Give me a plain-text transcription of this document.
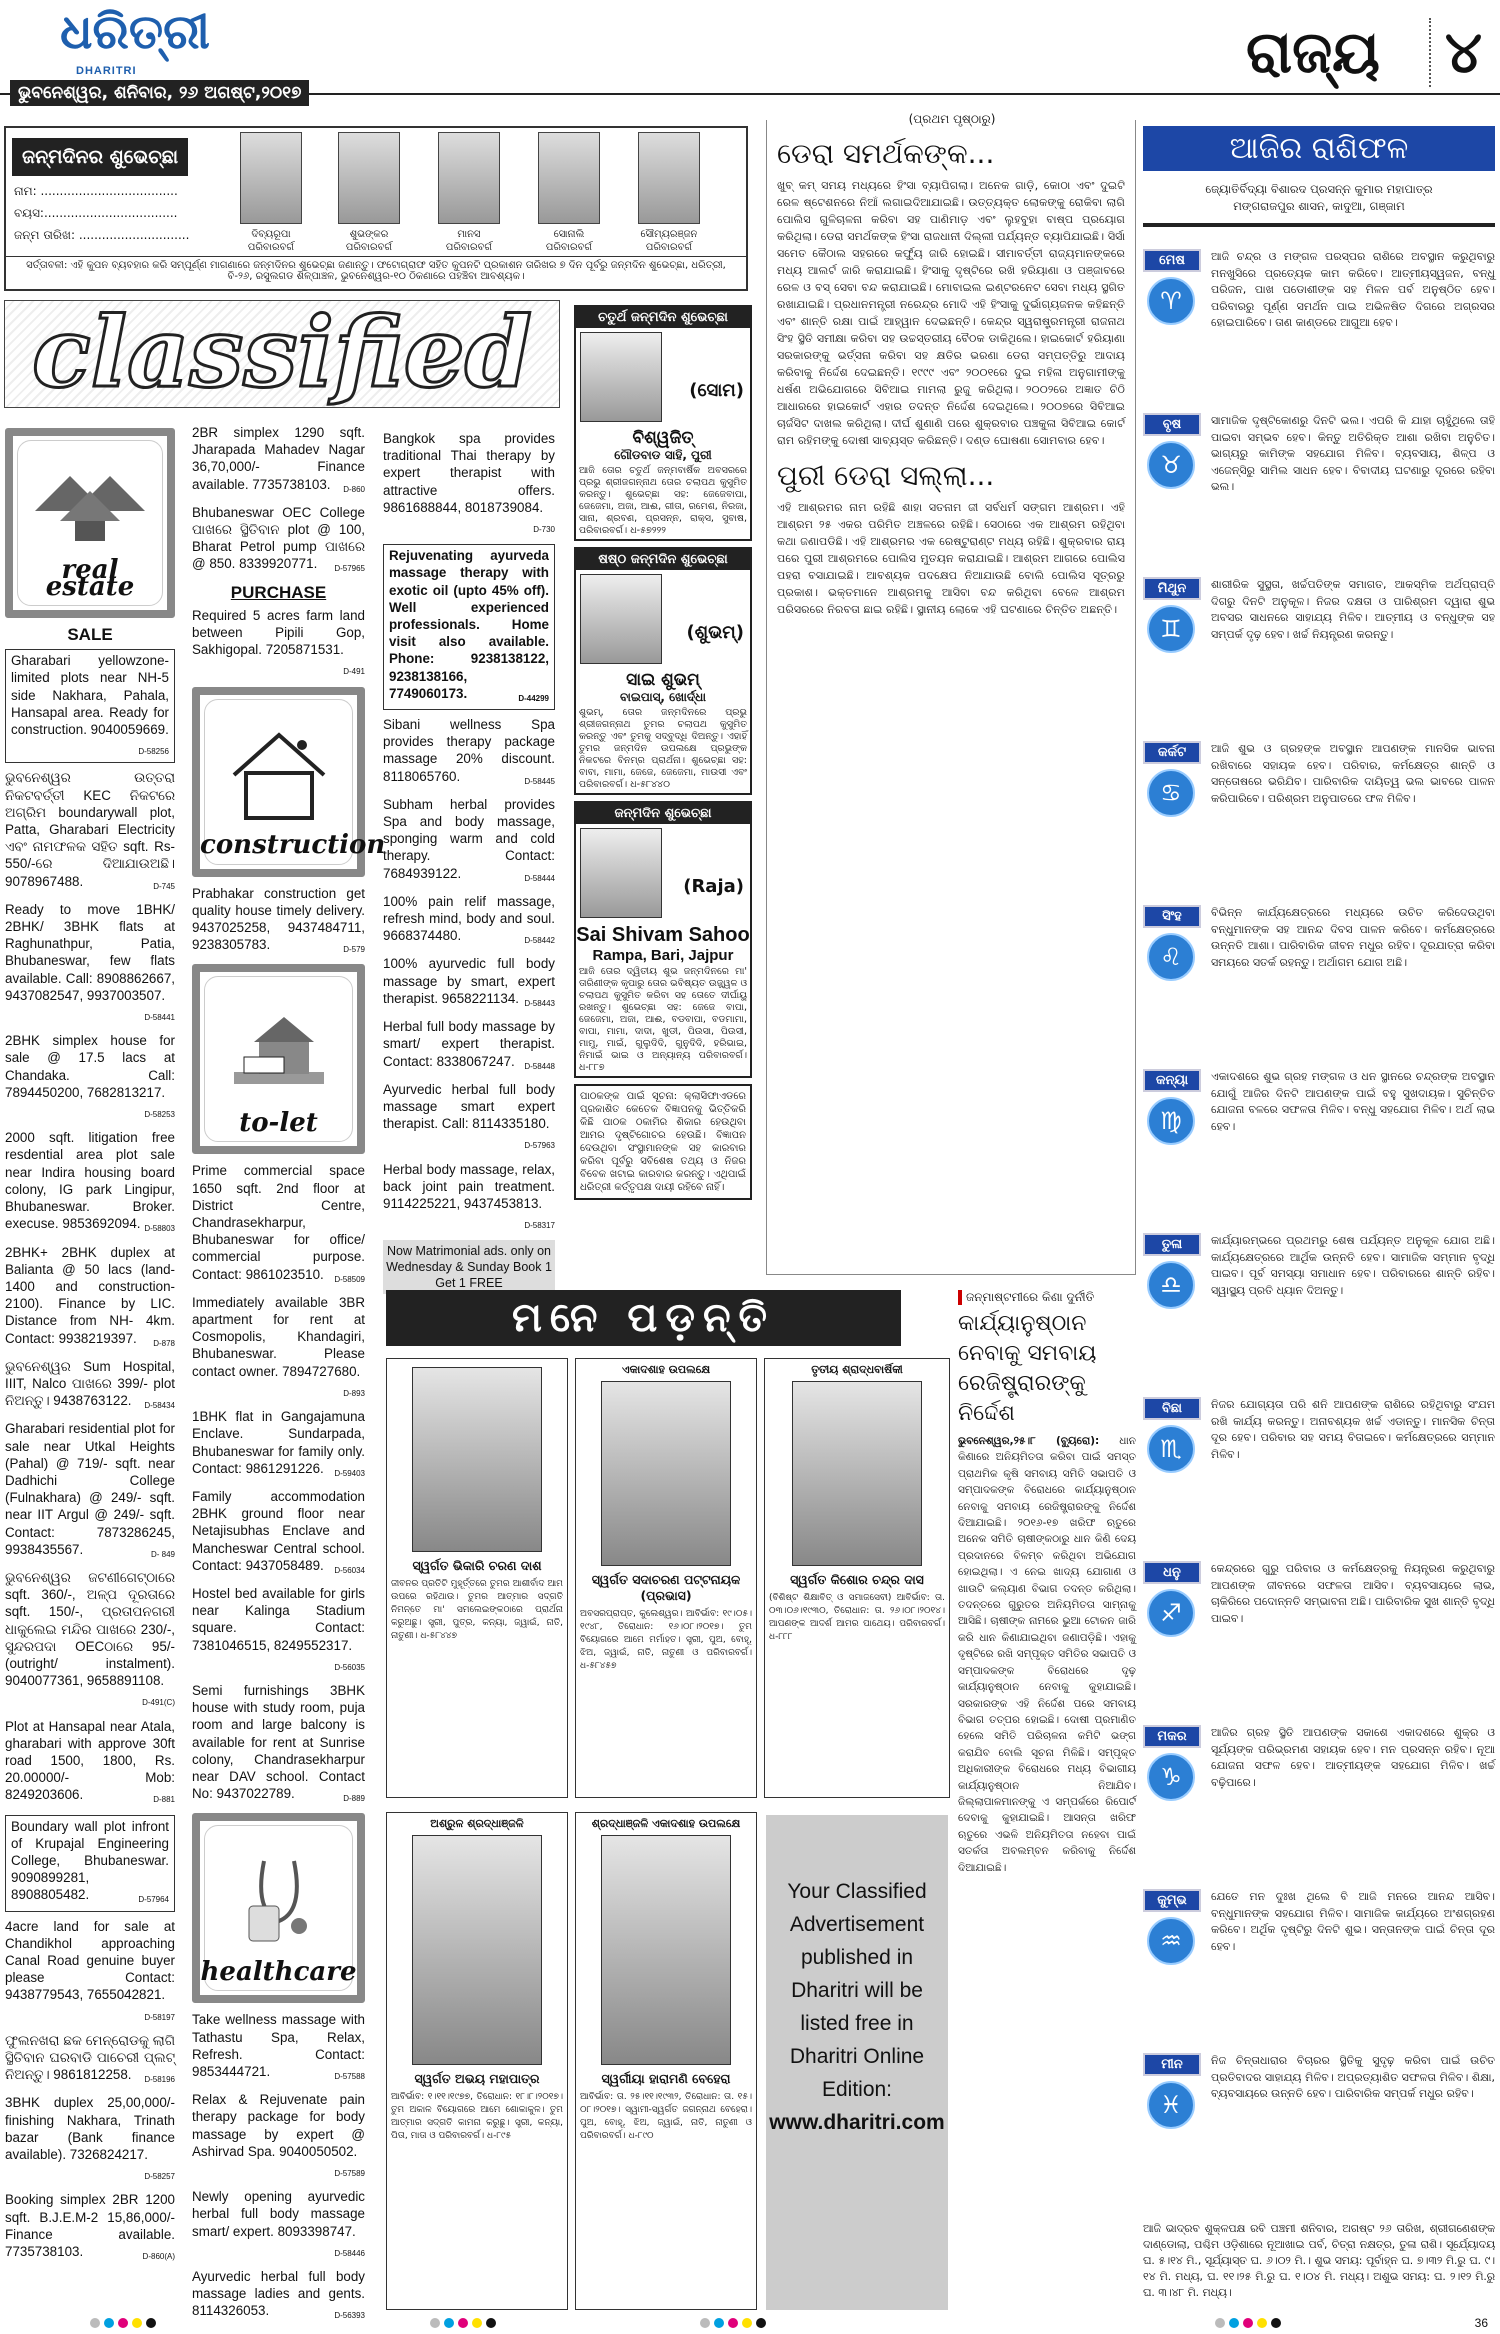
ଧରିତ୍ରୀ
DHARITRI
ଭୁବନେଶ୍ୱର, ଶନିବାର, ୨୬ ଅଗଷ୍ଟ,୨୦୧୭
ରାଜ୍ୟ ୪
ଜନ୍ମଦିନର ଶୁଭେଚ୍ଛା
ନାମ: ....................................
ବୟସ:...................................
ଜନ୍ମ ତାରିଖ: .............................	ଦିବ୍ୟରୂପା
ପରିବାରବର୍ଗ
ଶୁଭଙ୍କର
ପରିବାରବର୍ଗ
ମାନସ
ପରିବାରବର୍ଗ
ସୋନାଲି
ପରିବାରବର୍ଗ
ସୌମ୍ୟରଞ୍ଜନ
ପରିବାରବର୍ଗ
ସର୍ତ୍ତାବଳୀ: ଏହି କୁପନ ବ୍ୟବହାର କରି ସମ୍ପୂର୍ଣ୍ଣ ମାଗଣାରେ ଜନ୍ମଦିନର ଶୁଭେଚ୍ଛା ଜଣାନ୍ତୁ। ଫଟୋଗ୍ରାଫ ସହିତ କୁପନଟି ପ୍ରକାଶନ ତାରିଖର ୭ ଦିନ ପୂର୍ବରୁ ଜନ୍ମଦିନ ଶୁଭେଚ୍ଛା, ଧରିତ୍ରୀ, ବି-୨୬, ରସୁଲଗଡ ଶିଳ୍ପାଞ୍ଚଳ, ଭୁବନେଶ୍ୱର-୧୦ ଠିକଣାରେ ପହଞ୍ଚିବା ଆବଶ୍ୟକ।
classified
real estate
SALE
Gharabari yellowzone-limited plots near NH-5 side Nakhara, Pahala, Hansapal area. Ready for construction. 9040059669.
D-58256
ଭୁବନେଶ୍ୱର ଉତ୍ତରା ନିକଟବର୍ତ୍ତୀ KEC ନିକଟରେ ଅଗ୍ରିମ boundarywall plot, Patta, Gharabari Electricity ଏବଂ ନାମଫଳକ ସହିତ sqft. Rs-550/-ରେ ଦିଆଯାଉଅଛି। 9078967488.	D-745
Ready to move 1BHK/ 2BHK/ 3BHK flats at Raghunathpur, Patia, Bhubaneswar, few flats available. Call: 8908862667, 9437082547, 9937003507.
D-58441
2BHK simplex house for sale @ 17.5 lacs at Chandaka. Call: 7894450200, 7682813217.
D-58253
2000 sqft. litigation free resdential area plot sale near Indira housing board colony, IG park Lingipur, Bhubaneswar. Broker. execuse. 9853692094. D-58803
2BHK+ 2BHK duplex at Balianta @ 50 lacs (land-1400 and construction-2100). Finance by LIC. Distance from NH- 4km. Contact: 9938219397. D-878
ଭୁବନେଶ୍ୱର Sum Hospital, IIIT, Nalco ପାଖରେ 399/- plot ନିଅନ୍ତୁ। 9438763122. D-58434
Gharabari residential plot for sale near Utkal Heights (Pahal) @ 719/- sqft. near Dadhichi College (Fulnakhara) @ 249/- sqft. near IIT Argul @ 249/- sqft. Contact: 7873286245, 9938435567.	D- 849
ଭୁବନେଶ୍ୱର ଜଟଣୀଗେଟ୍‌ଠାରେ sqft. 360/-, ଅଳ୍ପ ଦୂରତାରେ sqft. 150/-, ପ୍ରତାପନଗରୀ ଧାକୁଲେଇ ମନ୍ଦିର ପାଖରେ 230/-, ସୁନ୍ଦରପଦା OECଠାରେ 95/- (outright/ instalment). 9040077361, 9658891108.
D-491(C)
Plot at Hansapal near Atala, gharabari with approve 30ft road 1500, 1800, Rs. 20.00000/- Mob: 8249203606.	D-881
Boundary wall plot infront of Krupajal Engineering College, Bhubaneswar. 9090899281, 8908805482.	D-57964
4acre land for sale at Chandikhol approaching Canal Road genuine buyer please Contact: 9438779543, 7655042821.
D-58197
ଫୁଲନଖରା ଛକ ମେନ୍‌ରୋଡକୁ ଲାଗି ସ୍ଥିତିବାନ ଘରବାଡି ପାଚେରୀ ପ୍ଲଟ୍ ନିଅନ୍ତୁ। 9861812258. D-58196
3BHK duplex 25,00,000/- finishing Nakhara, Trinath bazar (Bank finance available). 7326824217.
D-58257
Booking simplex 2BR 1200 sqft. B.J.E.M-2 15,86,000/- Finance available. 7735738103.	D-860(A)
2BR simplex 1290 sqft. Jharapada Mahadev Nagar 36,70,000/- Finance available. 7735738103. D-860
Bhubaneswar OEC College ପାଖରେ ସ୍ଥିତିବାନ plot @ 100, Bharat Petrol pump ପାଖରେ @ 850. 8339920771. D-57965
PURCHASE
Required 5 acres farm land between Pipili Gop, Sakhigopal. 7205871531.
D-491
construction
Prabhakar construction get quality house timely delivery. 9437025258, 9437484711, 9238305783.	D-579
to-let
Prime commercial space 1650 sqft. 2nd floor at District Centre, Chandrasekharpur, Bhubaneswar for office/ commercial purpose. Contact: 9861023510. D-58509
Immediately available 3BR apartment for rent at Cosmopolis, Khandagiri, Bhubaneswar. Please contact owner. 7894727680.
D-893
1BHK flat in Gangajamuna Enclave. Sundarpada, Bhubaneswar for family only. Contact: 9861291226. D-59403
Family accommodation 2BHK ground floor near Netajisubhas Enclave and Mancheswar Central school. Contact: 9437058489. D-56034
Hostel bed available for girls near Kalinga Stadium square. Contact: 7381046515, 8249552317.
D-56035
Semi furnishings 3BHK house with study room, puja room and large balcony is available for rent at Sunrise colony, Chandrasekharpur near DAV school. Contact No: 9437022789.	D-889
healthcare
Take wellness massage with Tathastu Spa, Relax, Refresh. Contact: 9853444721.	D-57588
Relax & Rejuvenate pain therapy package for body massage by expert @ Ashirvad Spa. 9040050502.
D-57589
Newly opening ayurvedic herbal full body massage smart/ expert. 8093398747.
D-58446
Ayurvedic herbal full body massage ladies and gents. 8114326053.	D-56393
Bangkok spa provides traditional Thai therapy by expert therapist with attractive offers. 9861688844, 8018739084.
D-730
Rejuvenating ayurveda massage therapy with exotic oil (upto 45% off). Well experienced professionals. Home visit also available. Phone: 9238138122, 9238138166, 7749060173.	D-44299
Sibani wellness Spa provides therapy package massage 20% discount. 8118065760.	D-58445
Subham herbal provides Spa and body massage, sponging warm and cold therapy. Contact: 7684939122.	D-58444
100% pain relif massage, refresh mind, body and soul. 9668374480.	D-58442
100% ayurvedic full body massage by smart, expert therapist. 9658221134. D-58443
Herbal full body massage by smart/ expert therapist. Contact: 8338067247. D-58448
Ayurvedic herbal full body massage smart expert therapist. Call: 8114335180.
D-57963
Herbal body massage, relax, back joint pain treatment. 9114225221, 9437453813.
D-58317
Now Matrimonial ads. only on Wednesday & Sunday Book 1 Get 1 FREE
ଚତୁର୍ଥ ଜନ୍ମଦିନ ଶୁଭେଚ୍ଛା
(ସୋମ)
ବିଶ୍ୱଜିତ୍
ଗୌଡବାଡ ସାହି, ପୁରୀ
ଆଜି ତୋର ଚତୁର୍ଥ ଜନ୍ମବାର୍ଷିକ ଅବସରରେ ପ୍ରଭୁ ଶ୍ରୀଜଗନ୍ନାଥ ତୋର ଚଲାପଥ କୁସୁମିତ କରନ୍ତୁ। ଶୁଭେଚ୍ଛା ସହ: ଜେଜେବାପା, ଜେଜେମା, ଅଜା, ଆଈ, ଗୀତା, ରମେଶ, ନିରଜା, ସାନା, ଶ୍ରବଣ, ପ୍ରସନ୍ନ, ରାକ୍ସ, ସୁବାଷ, ପରିବାରବର୍ଗ। ଧ-୫୭୨୨୨
ଷଷ୍ଠ ଜନ୍ମଦିନ ଶୁଭେଚ୍ଛା
(ଶୁଭମ୍)
ସାଇ ଶୁଭମ୍
ବାଇପାସ୍, ଖୋର୍ଦ୍ଧା
ଶୁଭମ୍, ତୋର ଜନ୍ମଦିନରେ ପ୍ରଭୁ ଶ୍ରୀଜଗନ୍ନାଥ ତୁମର ଚଲାପଥ କୁସୁମିତ କରନ୍ତୁ ଏବଂ ତୁମକୁ ସଦ୍‌ବୁଦ୍ଧି ଦିଅନ୍ତୁ। ଏହାହିଁ ତୁମର ଜନ୍ମଦିନ ଉପଲକ୍ଷେ ପ୍ରଭୁଙ୍କ ନିକଟରେ ବିନମ୍ର ପ୍ରାର୍ଥନା। ଶୁଭେଚ୍ଛା ସହ: ବାବା, ମାମା, ଜେଜେ, ଜେଜେମା, ମାଉସୀ ଏବଂ ପରିବାରବର୍ଗ। ଧ-୫୮୪୪୦
ଜନ୍ମଦିନ ଶୁଭେଚ୍ଛା
(Raja)
Sai Shivam Sahoo
Rampa, Bari, Jajpur
ଆଜି ତୋର ଦ୍ୱିତୀୟ ଶୁଭ ଜନ୍ମଦିନରେ ମା' ତାରିଣୀଙ୍କ କୃପାରୁ ତୋର ଭବିଷ୍ୟତ ଉଜ୍ଜ୍ୱଳ ଓ ଚଲାପଥ କୁସୁମିତ କରିବା ସହ ତୋତେ ଦୀର୍ଘାୟୁ ରଖନ୍ତୁ। ଶୁଭେଚ୍ଛା ସହ: ଜେଜେ ବାପା, ଜେଜେମା, ଅଜା, ଆଈ, ବଡବାପା, ବଡମାମା, ବାପା, ମାମା, ଦାଦା, ଖୁଡୀ, ପିଉସା, ପିଉସୀ, ମାମୁ, ମାଇଁ, ଗୁଲୁଦିଦି, ଗୁନୁଦିଦି, ହରିଭାଇ, ନିମାଇଁ ଭାଇ ଓ ଅନ୍ୟାନ୍ୟ ପରିବାରବର୍ଗ। ଧ-୮୮୭
ପାଠକଙ୍କ ପାଇଁ ସୂଚନା: କ୍ଲାସିଫାଏଡରେ ପ୍ରକାଶିତ କେତେକ ବିଜ୍ଞାପନକୁ ଭିତ୍ତିକରି କିଛି ପାଠକ ଠକାମିର ଶିକାର ହେଉଥିବା ଆମର ଦୃଷ୍ଟିଗୋଚର ହେଉଛି। ବିଜ୍ଞାପନ ଦେଉଥିବା ସଂସ୍ଥାମାନଙ୍କ ସହ କାରବାର କରିବା ପୂର୍ବରୁ ସବିଶେଷ ତଥ୍ୟ ଓ ନିଜର ବିବେକ ଖଟାଇ କାରବାର କରନ୍ତୁ। ଏଥିପାଇଁ ଧରିତ୍ରୀ କର୍ତ୍ତୃପକ୍ଷ ଦାୟୀ ରହିବେ ନାହିଁ।
(ପ୍ରଥମ ପୃଷ୍ଠାରୁ)
ଡେରା ସମର୍ଥକଙ୍କ...

ଖୁବ୍ କମ୍ ସମୟ ମଧ୍ୟରେ ହିଂସା ବ୍ୟାପିଗଲା। ଅନେକ ଗାଡ଼ି, କୋଠା ଏବଂ ଦୁଇଟି ରେଳ ଷ୍ଟେଶନରେ ନିଆଁ ଲଗାଇଦିଆଯାଇଛି। ଉତ୍ତ୍ୟକ୍ତ ଲୋକଙ୍କୁ ରୋକିବା ଲାଗି ପୋଲିସ ଗୁଳିଚାଳନା କରିବା ସହ ପାଣିମାଡ଼ ଏବଂ ଲୁହବୁହା ବାଷ୍ପ ପ୍ରୟୋଗ କରିଥିଲା। ଡେରା ସମର୍ଥକଙ୍କ ହିଂସା ରାଜଧାନୀ ଦିଲ୍ଲୀ ପର୍ଯ୍ୟନ୍ତ ବ୍ୟାପିଯାଇଛି। ସିର୍ସା ସମେତ କୈଠାଲ ସହରରେ କର୍ଫ୍ୟୁ ଜାରି ହୋଇଛି। ସୀମାବର୍ତ୍ତୀ ରାଜ୍ୟମାନଙ୍କରେ ମଧ୍ୟ ଆଲର୍ଟ ଜାରି କରାଯାଇଛି। ହିଂସାକୁ ଦୃଷ୍ଟିରେ ରଖି ହରିୟାଣା ଓ ପଞ୍ଜାବରେ ରେଳ ଓ ବସ୍ ସେବା ବନ୍ଦ କରାଯାଇଛି। ମୋବାଇଲ ଇଣ୍ଟରନେଟ ସେବା ମଧ୍ୟ ସ୍ଥଗିତ ରଖାଯାଇଛି। ପ୍ରଧାନମନ୍ତ୍ରୀ ନରେନ୍ଦ୍ର ମୋଦି ଏହି ହିଂସାକୁ ଦୁର୍ଭାଗ୍ୟଜନକ କହିଛନ୍ତି ଏବଂ ଶାନ୍ତି ରକ୍ଷା ପାଇଁ ଆହ୍ୱାନ ଦେଇଛନ୍ତି। କେନ୍ଦ୍ର ସ୍ୱରାଷ୍ଟ୍ରମନ୍ତ୍ରୀ ରାଜନାଥ ସିଂହ ସ୍ଥିତି ସମୀକ୍ଷା କରିବା ସହ ଉଚ୍ଚସ୍ତରୀୟ ବୈଠକ ଡାକିଥିଲେ। ହାଇକୋର୍ଟ ହରିୟାଣା ସରକାରଙ୍କୁ ଭର୍ତ୍ସନା କରିବା ସହ କ୍ଷତିର ଭରଣା ଡେରା ସମ୍ପତ୍ତିରୁ ଆଦାୟ କରିବାକୁ ନିର୍ଦ୍ଦେଶ ଦେଇଛନ୍ତି। ୧୯୯୯ ଏବଂ ୨୦୦୧ରେ ଦୁଇ ମହିଳା ଅନୁଗାମୀଙ୍କୁ ଧର୍ଷଣ ଅଭିଯୋଗରେ ସିବିଆଇ ମାମଲା ରୁଜୁ କରିଥିଲା। ୨୦୦୨ରେ ଅଜ୍ଞାତ ଚିଠି ଆଧାରରେ ହାଇକୋର୍ଟ ଏହାର ତଦନ୍ତ ନିର୍ଦ୍ଦେଶ ଦେଇଥିଲେ। ୨୦୦୭ରେ ସିବିଆଇ ଚାର୍ଜସିଟ ଦାଖଲ କରିଥିଲା। ଦୀର୍ଘ ଶୁଣାଣି ପରେ ଶୁକ୍ରବାର ପଞ୍ଚକୁଳା ସିବିଆଇ କୋର୍ଟ ରାମ ରହିମଙ୍କୁ ଦୋଷୀ ସାବ୍ୟସ୍ତ କରିଛନ୍ତି। ଦଣ୍ଡ ଘୋଷଣା ସୋମବାର ହେବ।

ପୁରୀ ଡେରା ସଲ୍ଲା...

ଏହି ଆଶ୍ରମର ନାମ ରହିଛି ଶାହା ସତନାମ ଜୀ ସର୍ବଧର୍ମ ସଙ୍ଗମ ଆଶ୍ରମ। ଏହି ଆଶ୍ରମ ୨୫ ଏକର ପରିମିତ ଅଞ୍ଚଳରେ ରହିଛି। ସେଠାରେ ଏକ ଆଶ୍ରମ ରହିଥିବା କଥା ଜଣାପଡିଛି। ଏହି ଆଶ୍ରମର ଏକ ରେଷ୍ଟୁରାଣ୍ଟ ମଧ୍ୟ ରହିଛି। ଶୁକ୍ରବାର ରାୟ ପରେ ପୁରୀ ଆଶ୍ରମରେ ପୋଲିସ ମୁତୟନ କରାଯାଇଛି। ଆଶ୍ରମ ଆଗରେ ପୋଲିସ ପହରା ବସାଯାଇଛି। ଆବଶ୍ୟକ ପଦକ୍ଷେପ ନିଆଯାଉଛି ବୋଲି ପୋଲିସ ସୂତ୍ରରୁ ପ୍ରକାଶ। ଭକ୍ତମାନେ ଆଶ୍ରମକୁ ଆସିବା ବନ୍ଦ କରିଥିବା ବେଳେ ଆଶ୍ରମ ପରିସରରେ ନିରବତା ଛାଇ ରହିଛି। ସ୍ଥାନୀୟ ଲୋକେ ଏହି ଘଟଣାରେ ଚିନ୍ତିତ ଅଛନ୍ତି।

ମନେ ପଡ଼ନ୍ତି
ସ୍ୱର୍ଗତ ଭିକାରି ଚରଣ ଦାଶ
ଜୀବନର ପ୍ରତିଟି ମୁହୂର୍ତ୍ତରେ ତୁମର ଆଶୀର୍ବାଦ ଆମ ଉପରେ ରହିଥାଉ। ତୁମର ଆତ୍ମାର ସଦ୍‌ଗତି ନିମନ୍ତେ ମା' ସମଲେଇଙ୍କଠାରେ ପ୍ରାର୍ଥନା କରୁଅଛୁ। ସ୍ତ୍ରୀ, ପୁତ୍ର, କନ୍ୟା, ଜ୍ୱାଇଁ, ନାତି, ନାତୁଣୀ। ଧ-୫୮୪୪୭
ଏକାଦଶାହ ଉପଲକ୍ଷେ
ସ୍ୱର୍ଗତ ସଦାଚରଣ ପଟ୍ଟନାୟକ (ପ୍ରଭାସ)
ଅବସରପ୍ରାପ୍ତ, କୁଲେଶ୍ୱର। ଆବିର୍ଭାବ: ୧୯।୦୫।୧୯୪୮, ତିରୋଧାନ: ୧୬।୦୮।୨୦୧୭। ତୁମ ବିୟୋଗରେ ଆମେ ମର୍ମାହତ। ସ୍ତ୍ରୀ, ପୁଅ, ବୋହୂ, ଝିଅ, ଜ୍ୱାଇଁ, ନାତି, ନାତୁଣୀ ଓ ପରିବାରବର୍ଗ। ଧ-୫୮୪୫୭
ତୃତୀୟ ଶ୍ରାଦ୍ଧବାର୍ଷିକୀ
ସ୍ୱର୍ଗତ କିଶୋର ଚନ୍ଦ୍ର ଦାସ
(ବିଶିଷ୍ଟ ଶିକ୍ଷାବିତ୍ ଓ ସମାଜସେବୀ) ଆବିର୍ଭାବ: ତା. ୦୩।୦୬।୧୯୩୦, ତିରୋଧାନ: ତା. ୨୬।୦୮।୨୦୧୪। ଆପଣଙ୍କ ଆଦର୍ଶ ଆମର ପାଥେୟ। ପରିବାରବର୍ଗ। ଧ-୮୮୮
ଅଶ୍ରୁଳ ଶ୍ରଦ୍ଧାଞ୍ଜଳି
ସ୍ୱର୍ଗତ ଅଭୟ ମହାପାତ୍ର
ଆବିର୍ଭାବ: ୧।୧୧।୧୯୭୭, ତିରୋଧାନ: ୧୮।୮।୨୦୧୭। ତୁମ ଅକାଳ ବିୟୋଗରେ ଆମେ ଶୋକାକୁଳ। ତୁମ ଆତ୍ମାର ସଦ୍‌ଗତି କାମନା କରୁଛୁ। ସ୍ତ୍ରୀ, କନ୍ୟା, ପିତା, ମାତା ଓ ପରିବାରବର୍ଗ। ଧ-୮୯୫
ଶ୍ରଦ୍ଧାଞ୍ଜଳି ଏକାଦଶାହ ଉପଲକ୍ଷେ
ସ୍ୱର୍ଗୀୟା ହାରାମଣି ବେହେରା
ଆବିର୍ଭାବ: ତା. ୨୫।୧୧।୧୯୩୨, ତିରୋଧାନ: ତା. ୧୫।୦୮।୨୦୧୭। ସ୍ୱାମୀ-ସ୍ୱର୍ଗତ ଜଗନ୍ନାଥ ବେହେରା। ପୁଅ, ବୋହୂ, ଝିଅ, ଜ୍ୱାଇଁ, ନାତି, ନାତୁଣୀ ଓ ପରିବାରବର୍ଗ। ଧ-୮୯୦
Your Classified Advertisement published in Dharitri will be listed free in Dharitri Online Edition:
www.dharitri.com
ଜନ୍ମାଷ୍ଟମୀରେ କିଣା ଦୁର୍ନୀତି
କାର୍ଯ୍ୟାନୁଷ୍ଠାନ ନେବାକୁ ସମବାୟ ରେଜିଷ୍ଟ୍ରାରଙ୍କୁ ନିର୍ଦ୍ଦେଶ

ଭୁବନେଶ୍ୱର,୨୫।୮ (ବ୍ୟୁରୋ): ଧାନ କିଣାରେ ଅନିୟମିତତା କରିବା ପାଇଁ ସମସ୍ତ ପ୍ରାଥମିକ କୃଷି ସମବାୟ ସମିତି ସଭାପତି ଓ ସମ୍ପାଦକଙ୍କ ବିରୋଧରେ କାର୍ଯ୍ୟାନୁଷ୍ଠାନ ନେବାକୁ ସମବାୟ ରେଜିଷ୍ଟ୍ରାରଙ୍କୁ ନିର୍ଦ୍ଦେଶ ଦିଆଯାଇଛି। ୨୦୧୬-୧୭ ଖରିଫ ଋତୁରେ ଅନେକ ସମିତି ଚାଷୀଙ୍କଠାରୁ ଧାନ କିଣି ଦେୟ ପ୍ରଦାନରେ ବିଳମ୍ବ କରିଥିବା ଅଭିଯୋଗ ହୋଇଥିଲା। ଏ ନେଇ ଖାଦ୍ୟ ଯୋଗାଣ ଓ ଖାଉଟି କଲ୍ୟାଣ ବିଭାଗ ତଦନ୍ତ କରିଥିଲା। ତଦନ୍ତରେ ଗୁରୁତର ଅନିୟମିତତା ସାମ୍ନାକୁ ଆସିଛି। ଚାଷୀଙ୍କ ନାମରେ ଭୁଆ ଟୋକନ ଜାରି କରି ଧାନ କିଣାଯାଇଥିବା ଜଣାପଡ଼ିଛି। ଏହାକୁ ଦୃଷ୍ଟିରେ ରଖି ସମ୍ପୃକ୍ତ ସମିତିର ସଭାପତି ଓ ସମ୍ପାଦକଙ୍କ ବିରୋଧରେ ଦୃଢ଼ କାର୍ଯ୍ୟାନୁଷ୍ଠାନ ନେବାକୁ କୁହାଯାଇଛି। ସରକାରଙ୍କ ଏହି ନିର୍ଦ୍ଦେଶ ପରେ ସମବାୟ ବିଭାଗ ତତ୍ପର ହୋଇଛି। ଦୋଷୀ ପ୍ରମାଣିତ ହେଲେ ସମିତି ପରିଚାଳନା କମିଟି ଭଙ୍ଗ କରାଯିବ ବୋଲି ସୂଚନା ମିଳିଛି। ସମ୍ପୃକ୍ତ ଅଧିକାରୀଙ୍କ ବିରୋଧରେ ମଧ୍ୟ ବିଭାଗୀୟ କାର୍ଯ୍ୟାନୁଷ୍ଠାନ ନିଆଯିବ। ଜିଲ୍ଲାପାଳମାନଙ୍କୁ ଏ ସମ୍ପର୍କରେ ରିପୋର୍ଟ ଦେବାକୁ କୁହାଯାଇଛି। ଆସନ୍ତା ଖରିଫ ଋତୁରେ ଏଭଳି ଅନିୟମିତତା ନହେବା ପାଇଁ ସତର୍କତା ଅବଲମ୍ବନ କରିବାକୁ ନିର୍ଦ୍ଦେଶ ଦିଆଯାଇଛି।

ଆଜିର ରାଶିଫଳ
ଜ୍ୟୋତିର୍ବିଦ୍ୟା ବିଶାରଦ ପ୍ରସନ୍ନ କୁମାର ମହାପାତ୍ର
ମଙ୍ଗରାଜପୁର ଶାସନ, କାଦୁଆ, ଗଞ୍ଜାମ
ମେଷ
♈
ଆଜି ଚନ୍ଦ୍ର ଓ ମଙ୍ଗଳ ପରସ୍ପର ରାଶିରେ ଅବସ୍ଥାନ କରୁଥିବାରୁ ମନଖୁସିରେ ପ୍ରତ୍ୟେକ କାମ କରିବେ। ଆତ୍ମୀୟସ୍ୱଜନ, ବନ୍ଧୁ ପରିଜନ, ପାଖ ପଡୋଶୀଙ୍କ ସହ ମିଳନ ପର୍ବ ଅନୁଷ୍ଠିତ ହେବ। ପରିବାରରୁ ପୂର୍ଣ୍ଣ ସମର୍ଥନ ପାଇ ଅଭିଳଷିତ ଦିଗରେ ଅଗ୍ରସର ହୋଇପାରିବେ। ତାଣ କାଣ୍ଡରେ ଆଗୁଆ ହେବ।
ବୃଷ
♉
ସାମାଜିକ ଦୃଷ୍ଟିକୋଣରୁ ଦିନଟି ଭଲ। ଏପରି କି ଯାହା ଚାହୁଁଥିଲେ ତାହି ପାଇବା ସମ୍ଭବ ହେବ। କିନ୍ତୁ ଅତିରିକ୍ତ ଆଶା ରଖିବା ଅନୁଚିତ। ଭାଗ୍ୟରୁ କାମିଙ୍କ ସହଯୋଗ ମିଳିବ। ବ୍ୟବସାୟ, ଶିଳ୍ପ ଓ ଏଜେନ୍ସିରୁ ସାମିଲ ସାଧନ ହେବ। ବିବାଦୀୟ ଘଟଣାରୁ ଦୂରରେ ରହିବା ଭଲ।
ମିଥୁନ
♊
ଶାରୀରିକ ସୁସ୍ଥତା, ଖର୍ଚ୍ଚପତିଙ୍କ ସମାଗତ, ଆକସ୍ମିକ ଅର୍ଥପ୍ରାପ୍ତି ଦିଗରୁ ଦିନଟି ଅନୁକୂଳ। ନିଜର ଦକ୍ଷତା ଓ ପାରିଶ୍ରମ ଦ୍ୱାରା ଶୁଭ ଅବସର ସାଧନରେ ସାହାଯ୍ୟ ମିଳିବ। ଆତ୍ମୀୟ ଓ ବନ୍ଧୁଙ୍କ ସହ ସମ୍ପର୍କ ଦୃଢ଼ ହେବ। ଖର୍ଚ୍ଚ ନିୟନ୍ତ୍ରଣ କରନ୍ତୁ।
କର୍କଟ
♋
ଆଜି ଶୁଭ ଓ ଗ୍ରହଙ୍କ ଅବସ୍ଥାନ ଆପଣଙ୍କ ମାନସିକ ଭାବନା ରଖିବାରେ ସହାୟକ ହେବ। ପରିବାର, କର୍ମକ୍ଷେତ୍ର ଶାନ୍ତି ଓ ସନ୍ତୋଷରେ ଭରିଯିବ। ପାରିବାରିକ ଦାୟିତ୍ୱ ଭଲ ଭାବରେ ପାଳନ କରିପାରିବେ। ପରିଶ୍ରମ ଅନୁପାତରେ ଫଳ ମିଳିବ।
ସିଂହ
♌
ବିଭିନ୍ନ କାର୍ଯ୍ୟକ୍ଷେତ୍ରରେ ମଧ୍ୟରେ ଉଚିତ କରିଦେଉଥିବା ବନ୍ଧୁମାନଙ୍କ ସହ ଆନନ୍ଦ ଦିବସ ପାଳନ କରିବେ। କର୍ମକ୍ଷେତ୍ରରେ ଉନ୍ନତି ଆଶା। ପାରିବାରିକ ଜୀବନ ମଧୁର ରହିବ। ଦୂରଯାତ୍ରା କରିବା ସମୟରେ ସତର୍କ ରହନ୍ତୁ। ଅର୍ଥାଗମ ଯୋଗ ଅଛି।
କନ୍ୟା
♍
ଏକାଦଶରେ ଶୁଭ ଗ୍ରହ ମଙ୍ଗଳ ଓ ଧନ ସ୍ଥାନରେ ଚନ୍ଦ୍ରଙ୍କ ଅବସ୍ଥାନ ଯୋଗୁଁ ଆଜିର ଦିନଟି ଆପଣଙ୍କ ପାଇଁ ବହୁ ସୁଖଦାୟକ। ସୁଚିନ୍ତିତ ଯୋଜନା ବଳରେ ସଫଳତା ମିଳିବ। ବନ୍ଧୁ ସହଯୋଗ ମିଳିବ। ଅର୍ଥ ଲାଭ ହେବ।
ତୁଳା
♎
କାର୍ଯ୍ୟାରମ୍ଭରେ ପ୍ରଥମରୁ ଶେଷ ପର୍ଯ୍ୟନ୍ତ ଅନୁକୂଳ ଯୋଗ ଅଛି। କାର୍ଯ୍ୟକ୍ଷେତ୍ରରେ ଆର୍ଥିକ ଉନ୍ନତି ହେବ। ସାମାଜିକ ସମ୍ମାନ ବୃଦ୍ଧି ପାଇବ। ପୂର୍ବ ସମସ୍ୟା ସମାଧାନ ହେବ। ପରିବାରରେ ଶାନ୍ତି ରହିବ। ସ୍ୱାସ୍ଥ୍ୟ ପ୍ରତି ଧ୍ୟାନ ଦିଅନ୍ତୁ।
ବିଛା
♏
ନିଜର ଯୋଗ୍ୟତା ପରି ଶନି ଆପଣଙ୍କ ରାଶିରେ ରହିଥିବାରୁ ସଂଯମ ରଖି କାର୍ଯ୍ୟ କରନ୍ତୁ। ଅନାବଶ୍ୟକ ଖର୍ଚ୍ଚ ଏଡାନ୍ତୁ। ମାନସିକ ଚିନ୍ତା ଦୂର ହେବ। ପରିବାର ସହ ସମୟ ବିତାଇବେ। କର୍ମକ୍ଷେତ୍ରରେ ସମ୍ମାନ ମିଳିବ।
ଧନୁ
♐
କେନ୍ଦ୍ରରେ ଗୁରୁ ପରିବାର ଓ କର୍ମକ୍ଷେତ୍ରକୁ ନିୟନ୍ତ୍ରଣ କରୁଥିବାରୁ ଆପଣଙ୍କ ଜୀବନରେ ସଫଳତା ଆସିବ। ବ୍ୟବସାୟରେ ଲାଭ, ଚାକିରିରେ ପଦୋନ୍ନତି ସମ୍ଭାବନା ଅଛି। ପାରିବାରିକ ସୁଖ ଶାନ୍ତି ବୃଦ୍ଧି ପାଇବ।
ମକର
♑
ଆଜିର ଗ୍ରହ ସ୍ଥିତି ଆପଣଙ୍କ ସକାଶେ ଏକାଦଶରେ ଶୁକ୍ର ଓ ସୂର୍ଯ୍ୟଙ୍କ ପରିଭ୍ରମଣ ସହାୟକ ହେବ। ମନ ପ୍ରସନ୍ନ ରହିବ। ନୂଆ ଯୋଜନା ସଫଳ ହେବ। ଆତ୍ମୀୟଙ୍କ ସହଯୋଗ ମିଳିବ। ଖର୍ଚ୍ଚ ବଢ଼ିପାରେ।
କୁମ୍ଭ
♒
ଯେତେ ମନ ଦୁଃଖ ଥିଲେ ବି ଆଜି ମନରେ ଆନନ୍ଦ ଆସିବ। ବନ୍ଧୁମାନଙ୍କ ସହଯୋଗ ମିଳିବ। ସାମାଜିକ କାର୍ଯ୍ୟରେ ଅଂଶଗ୍ରହଣ କରିବେ। ଅର୍ଥିକ ଦୃଷ୍ଟିରୁ ଦିନଟି ଶୁଭ। ସନ୍ତାନଙ୍କ ପାଇଁ ଚିନ୍ତା ଦୂର ହେବ।
ମୀନ
♓
ନିଜ ଚିନ୍ତାଧାରାର ବିଚାରର ସ୍ଥିତିକୁ ସୁଦୃଢ଼ କରିବା ପାଇଁ ଉଚିତ ପ୍ରତିବାଦର ସାହାଯ୍ୟ ମିଳିବ। ଅପ୍ରତ୍ୟାଶିତ ସଫଳତା ମିଳିବ। ଶିକ୍ଷା, ବ୍ୟବସାୟରେ ଉନ୍ନତି ହେବ। ପାରିବାରିକ ସମ୍ପର୍କ ମଧୁର ରହିବ।
ଆଜି ଭାଦ୍ରବ ଶୁକ୍ଳପକ୍ଷ ରବି ପଞ୍ଚମୀ ଶନିବାର, ଅଗଷ୍ଟ ୨୬ ତାରିଖ, ଶ୍ରୀଗଣେଶଙ୍କ ଦାଣ୍ଡୋଲା, ପଶ୍ଚିମ ଓଡ଼ିଶାରେ ନୂଆଖାଇ ପର୍ବ, ଚିତ୍ରା ନକ୍ଷତ୍ର, ତୁଳା ରାଶି। ସୂର୍ଯ୍ୟୋଦୟ ଘ. ୫।୧୪ ମି., ସୂର୍ଯ୍ୟାସ୍ତ ଘ. ୬।୦୨ ମି.। ଶୁଭ ସମୟ: ପୂର୍ବାହ୍ନ ଘ. ୭।୩୨ ମି.ରୁ ଘ. ୯।୧୪ ମି. ମଧ୍ୟ, ଘ. ୧୧।୨୫ ମି.ରୁ ଘ. ୧।୦୪ ମି. ମଧ୍ୟ। ଅଶୁଭ ସମୟ: ଘ. ୨।୧୨ ମି.ରୁ ଘ. ୩।୪୮ ମି. ମଧ୍ୟ।
36
